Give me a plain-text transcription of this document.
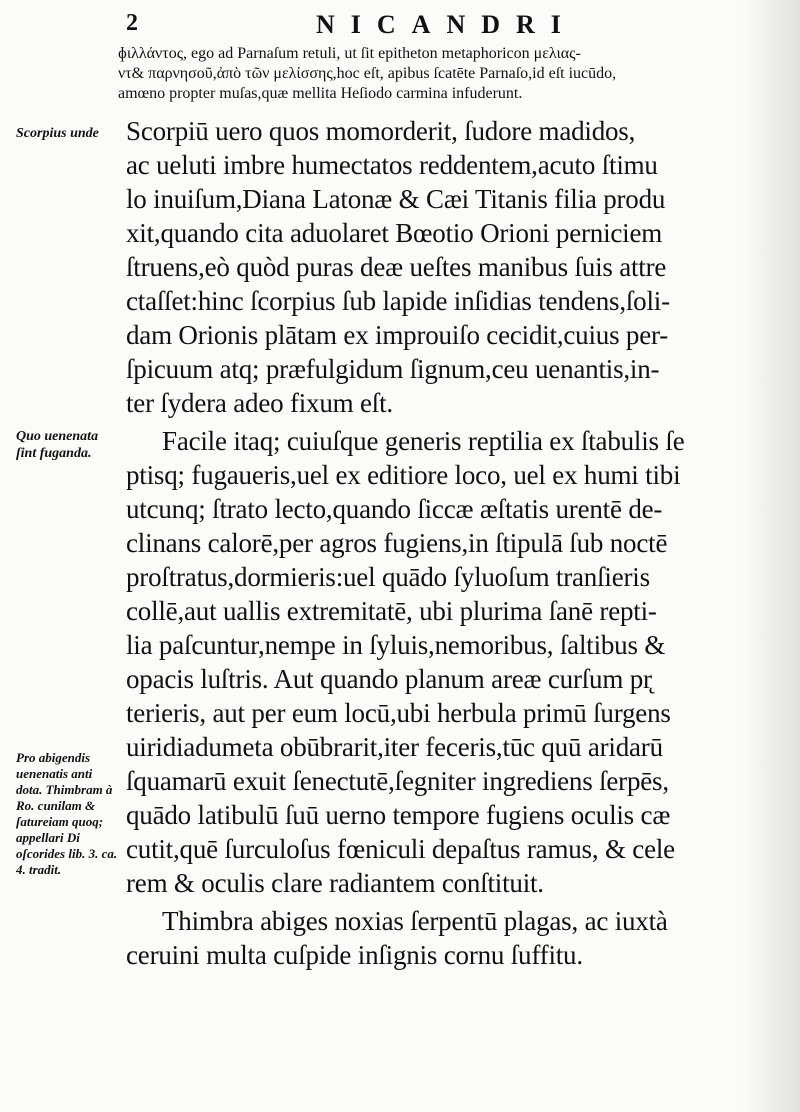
2	NICANDRI
ɸιλλάντος, ego ad Parnaſum retuli, ut ſit epitheton metaphoricon μελιας-
ντ& παρνησοῦ,ἀπὸ τῶν μελίσσης,hoc eſt, apibus ſcatēte Parnaſo,id eſt iucūdo,
amœno propter muſas,quæ mellita Heſiodo carmina infuderunt.
Scorpius unde
Quo uenenata ſint fuganda.
Pro abigendis uenenatis anti dota. Thimbram à Ro. cunilam & ſatureiam quoq; appellari Di oſcorides lib. 3. ca. 4. tradit.
Scorpiū uero quos momorderit, ſudore madidos,
ac ueluti imbre humectatos reddentem,acuto ſtimu
lo inuiſum,Diana Latonæ & Cæi Titanis filia produ
xit,quando cita aduolaret Bœotio Orioni perniciem
ſtruens,eò quòd puras deæ ueſtes manibus ſuis attre
ctaſſet:hinc ſcorpius ſub lapide inſidias tendens,ſoli-
dam Orionis plātam ex improuiſo cecidit,cuius per-
ſpicuum atq; præfulgidum ſignum,ceu uenantis,in-
ter ſydera adeo fixum eſt.
Facile itaq; cuiuſque generis reptilia ex ſtabulis ſe
ptisq; fugaueris,uel ex editiore loco, uel ex humi tibi
utcunq; ſtrato lecto,quando ſiccæ æſtatis urentē de-
clinans calorē,per agros fugiens,in ſtipulā ſub noctē
proſtratus,dormieris:uel quādo ſyluoſum tranſieris
collē,aut uallis extremitatē, ubi plurima ſanē repti-
lia paſcuntur,nempe in ſyluis,nemoribus, ſaltibus &
opacis luſtris. Aut quando planum areæ curſum pr̨
terieris, aut per eum locū,ubi herbula primū ſurgens
uiridiadumeta obūbrarit,iter feceris,tūc quū aridarū
ſquamarū exuit ſenectutē,ſegniter ingrediens ſerpēs,
quādo latibulū ſuū uerno tempore fugiens oculis cæ
cutit,quē ſurculoſus fœniculi depaſtus ramus, & cele
rem & oculis clare radiantem conſtituit.
Thimbra abiges noxias ſerpentū plagas, ac iuxtà
ceruini multa cuſpide inſignis cornu ſuffitu.
